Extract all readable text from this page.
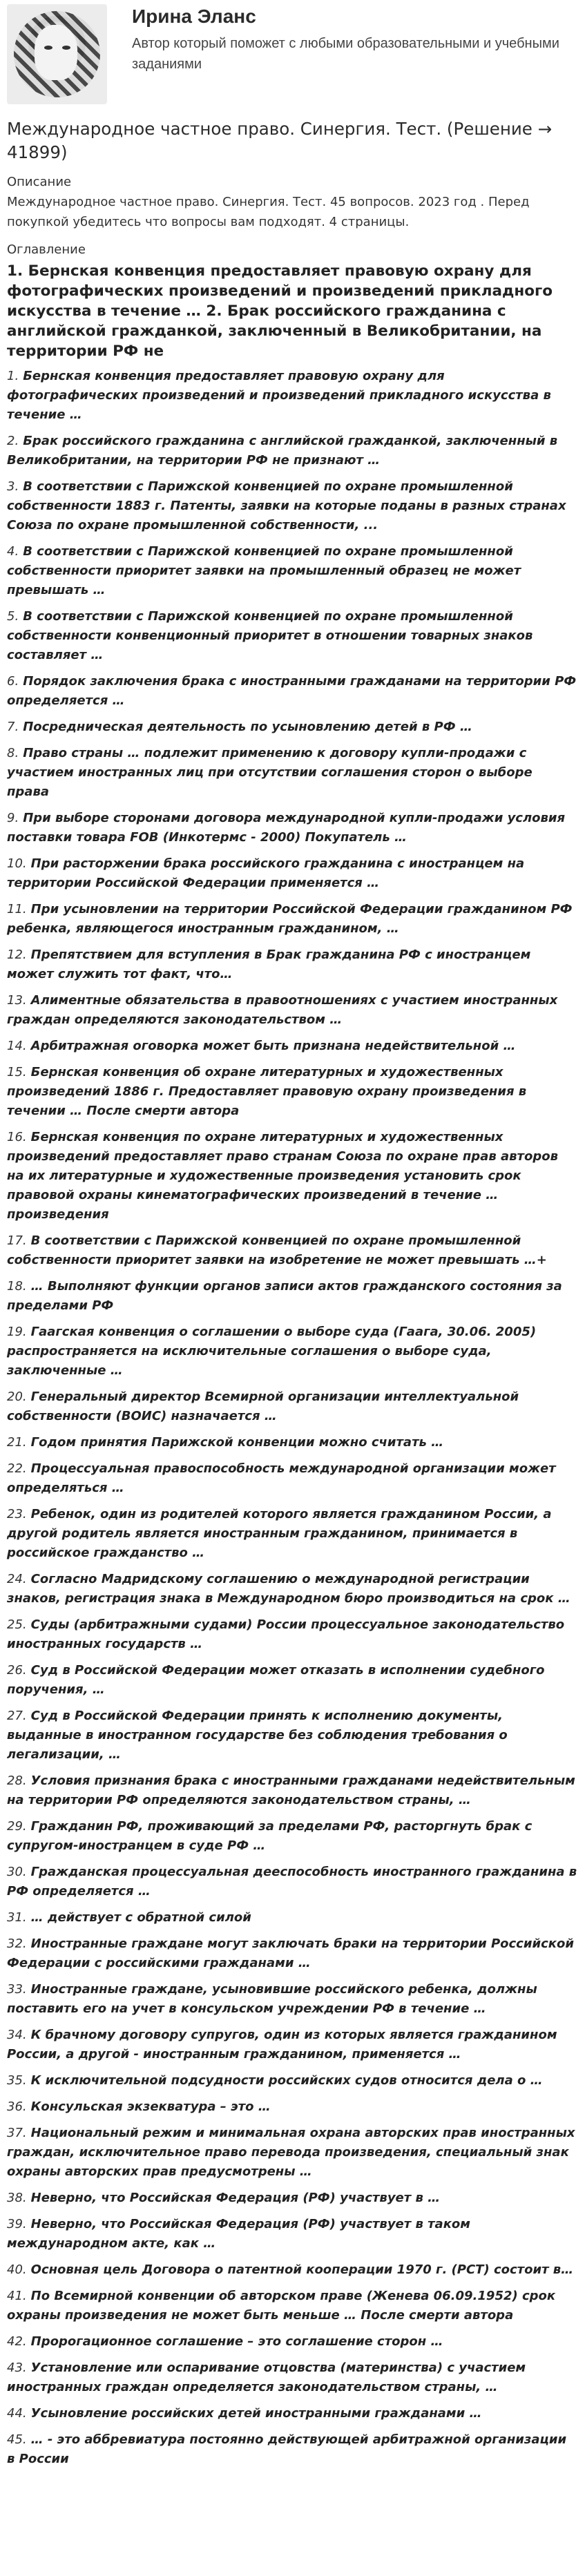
Ирина Эланс
Автор который поможет с любыми образовательными и учебными заданиями
Международное частное право. Синергия. Тест. (Решение → 41899)
Описание
Международное частное право. Синергия. Тест. 45 вопросов. 2023 год . Перед покупкой убедитесь что вопросы вам подходят. 4 страницы.
Оглавление
1. Бернская конвенция предоставляет правовую охрану для фотографических произведений и произведений прикладного искусства в течение … 2. Брак российского гражданина с английской гражданкой, заключенный в Великобритании, на территории РФ не
1. Бернская конвенция предоставляет правовую охрану для фотографических произведений и произведений прикладного искусства в течение …
2. Брак российского гражданина с английской гражданкой, заключенный в Великобритании, на территории РФ не признают …
3. В соответствии с Парижской конвенцией по охране промышленной собственности 1883 г. Патенты, заявки на которые поданы в разных странах Союза по охране промышленной собственности, ...
4. В соответствии с Парижской конвенцией по охране промышленной собственности приоритет заявки на промышленный образец не может превышать …
5. В соответствии с Парижской конвенцией по охране промышленной собственности конвенционный приоритет в отношении товарных знаков составляет …
6. Порядок заключения брака с иностранными гражданами на территории РФ определяется …
7. Посредническая деятельность по усыновлению детей в РФ …
8. Право страны … подлежит применению к договору купли-продажи с участием иностранных лиц при отсутствии соглашения сторон о выборе права
9. При выборе сторонами договора международной купли-продажи условия поставки товара FOB (Инкотермс - 2000) Покупатель …
10. При расторжении брака российского гражданина с иностранцем на территории Российской Федерации применяется …
11. При усыновлении на территории Российской Федерации гражданином РФ ребенка, являющегося иностранным гражданином, …
12. Препятствием для вступления в Брак гражданина РФ с иностранцем может служить тот факт, что…
13. Алиментные обязательства в правоотношениях с участием иностранных граждан определяются законодательством …
14. Арбитражная оговорка может быть признана недействительной …
15. Бернская конвенция об охране литературных и художественных произведений 1886 г. Предоставляет правовую охрану произведения в течении … После смерти автора
16. Бернская конвенция по охране литературных и художественных произведений предоставляет право странам Союза по охране прав авторов на их литературные и художественные произведения установить срок правовой охраны кинематографических произведений в течение … произведения
17. В соответствии с Парижской конвенцией по охране промышленной собственности приоритет заявки на изобретение не может превышать …+
18. … Выполняют функции органов записи актов гражданского состояния за пределами РФ
19. Гаагская конвенция о соглашении о выборе суда (Гаага, 30.06. 2005) распространяется на исключительные соглашения о выборе суда, заключенные …
20. Генеральный директор Всемирной организации интеллектуальной собственности (ВОИС) назначается …
21. Годом принятия Парижской конвенции можно считать …
22. Процессуальная правоспособность международной организации может определяться …
23. Ребенок, один из родителей которого является гражданином России, а другой родитель является иностранным гражданином, принимается в российское гражданство …
24. Согласно Мадридскому соглашению о международной регистрации знаков, регистрация знака в Международном бюро производиться на срок …
25. Суды (арбитражными судами) России процессуальное законодательство иностранных государств …
26. Суд в Российской Федерации может отказать в исполнении судебного поручения, …
27. Суд в Российской Федерации принять к исполнению документы, выданные в иностранном государстве без соблюдения требования о легализации, …
28. Условия признания брака с иностранными гражданами недействительным на территории РФ определяются законодательством страны, …
29. Гражданин РФ, проживающий за пределами РФ, расторгнуть брак с супругом-иностранцем в суде РФ …
30. Гражданская процессуальная дееспособность иностранного гражданина в РФ определяется …
31. … действует с обратной силой
32. Иностранные граждане могут заключать браки на территории Российской Федерации с российскими гражданами …
33. Иностранные граждане, усыновившие российского ребенка, должны поставить его на учет в консульском учреждении РФ в течение …
34. К брачному договору супругов, один из которых является гражданином России, а другой - иностранным гражданином, применяется …
35. К исключительной подсудности российских судов относится дела о …
36. Консульская экзекватура – это …
37. Национальный режим и минимальная охрана авторских прав иностранных граждан, исключительное право перевода произведения, специальный знак охраны авторских прав предусмотрены …
38. Неверно, что Российская Федерация (РФ) участвует в …
39. Неверно, что Российская Федерация (РФ) участвует в таком международном акте, как …
40. Основная цель Договора о патентной кооперации 1970 г. (PCT) состоит в…
41. По Всемирной конвенции об авторском праве (Женева 06.09.1952) срок охраны произведения не может быть меньше … После смерти автора
42. Пророгационное соглашение – это соглашение сторон …
43. Установление или оспаривание отцовства (материнства) с участием иностранных граждан определяется законодательством страны, …
44. Усыновление российских детей иностранными гражданами …
45. … - это аббревиатура постоянно действующей арбитражной организации в России
